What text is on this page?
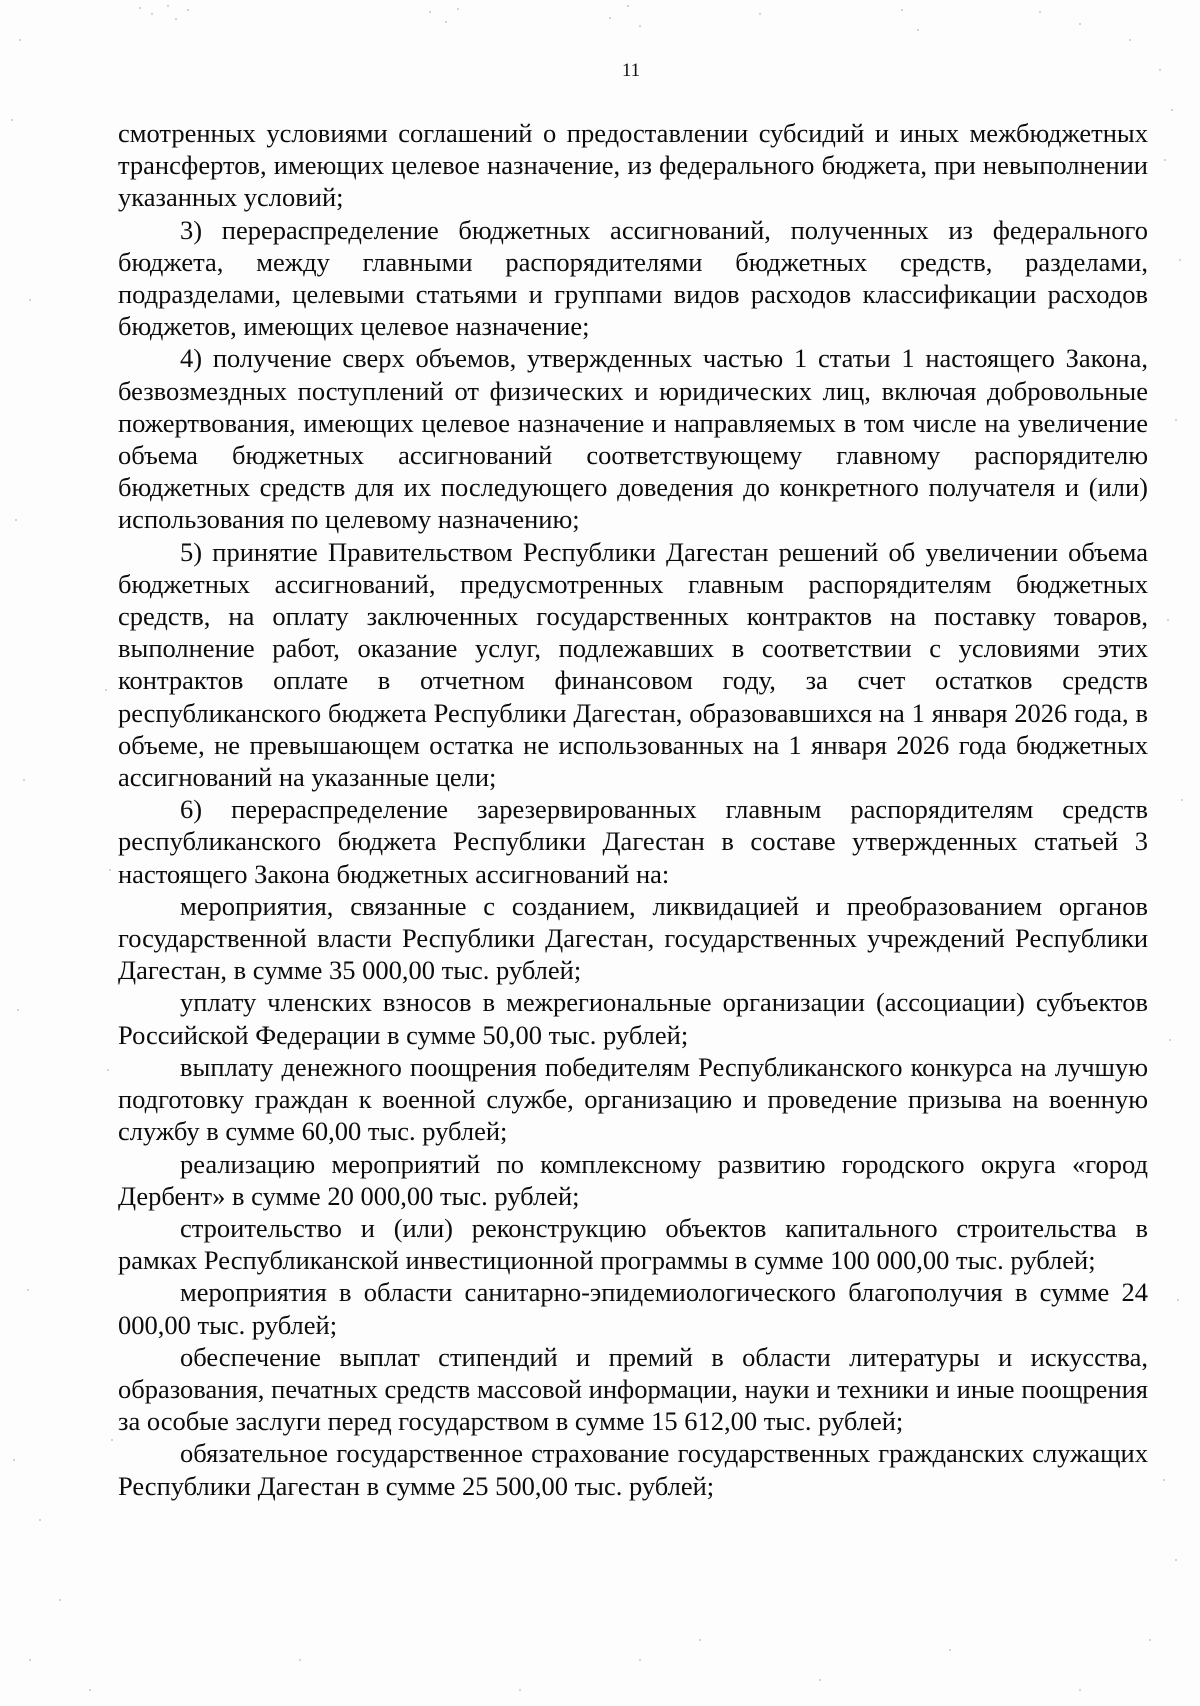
11

смотренных условиями соглашений о предоставлении субсидий и иных межбюджетных трансфертов, имеющих целевое назначение, из федерального бюджета, при невыполнении указанных условий;

3) перераспределение бюджетных ассигнований, полученных из федерального бюджета, между главными распорядителями бюджетных средств, разделами, подразделами, целевыми статьями и группами видов расходов классификации расходов бюджетов, имеющих целевое назначение;

4) получение сверх объемов, утвержденных частью 1 статьи 1 настоящего Закона, безвозмездных поступлений от физических и юридических лиц, включая добровольные пожертвования, имеющих целевое назначение и направляемых в том числе на увеличение объема бюджетных ассигнований соответствующему главному распорядителю бюджетных средств для их последующего доведения до конкретного получателя и (или) использования по целевому назначению;

5) принятие Правительством Республики Дагестан решений об увеличении объема бюджетных ассигнований, предусмотренных главным распорядителям бюджетных средств, на оплату заключенных государственных контрактов на поставку товаров, выполнение работ, оказание услуг, подлежавших в соответствии с условиями этих контрактов оплате в отчетном финансовом году, за счет остатков средств республиканского бюджета Республики Дагестан, образовавшихся на 1 января 2026 года, в объеме, не превышающем остатка не использованных на 1 января 2026 года бюджетных ассигнований на указанные цели;

6) перераспределение зарезервированных главным распорядителям средств республиканского бюджета Республики Дагестан в составе утвержденных статьей 3 настоящего Закона бюджетных ассигнований на:

мероприятия, связанные с созданием, ликвидацией и преобразованием органов государственной власти Республики Дагестан, государственных учреждений Республики Дагестан, в сумме 35 000,00 тыс. рублей;

уплату членских взносов в межрегиональные организации (ассоциации) субъектов Российской Федерации в сумме 50,00 тыс. рублей;

выплату денежного поощрения победителям Республиканского конкурса на лучшую подготовку граждан к военной службе, организацию и проведение призыва на военную службу в сумме 60,00 тыс. рублей;

реализацию мероприятий по комплексному развитию городского округа «город Дербент» в сумме 20 000,00 тыс. рублей;

строительство и (или) реконструкцию объектов капитального строительства в рамках Республиканской инвестиционной программы в сумме 100 000,00 тыс. рублей;

мероприятия в области санитарно-эпидемиологического благополучия в сумме 24 000,00 тыс. рублей;

обеспечение выплат стипендий и премий в области литературы и искусства, образования, печатных средств массовой информации, науки и техники и иные поощрения за особые заслуги перед государством в сумме 15 612,00 тыс. рублей;

обязательное государственное страхование государственных гражданских служащих Республики Дагестан в сумме 25 500,00 тыс. рублей;
